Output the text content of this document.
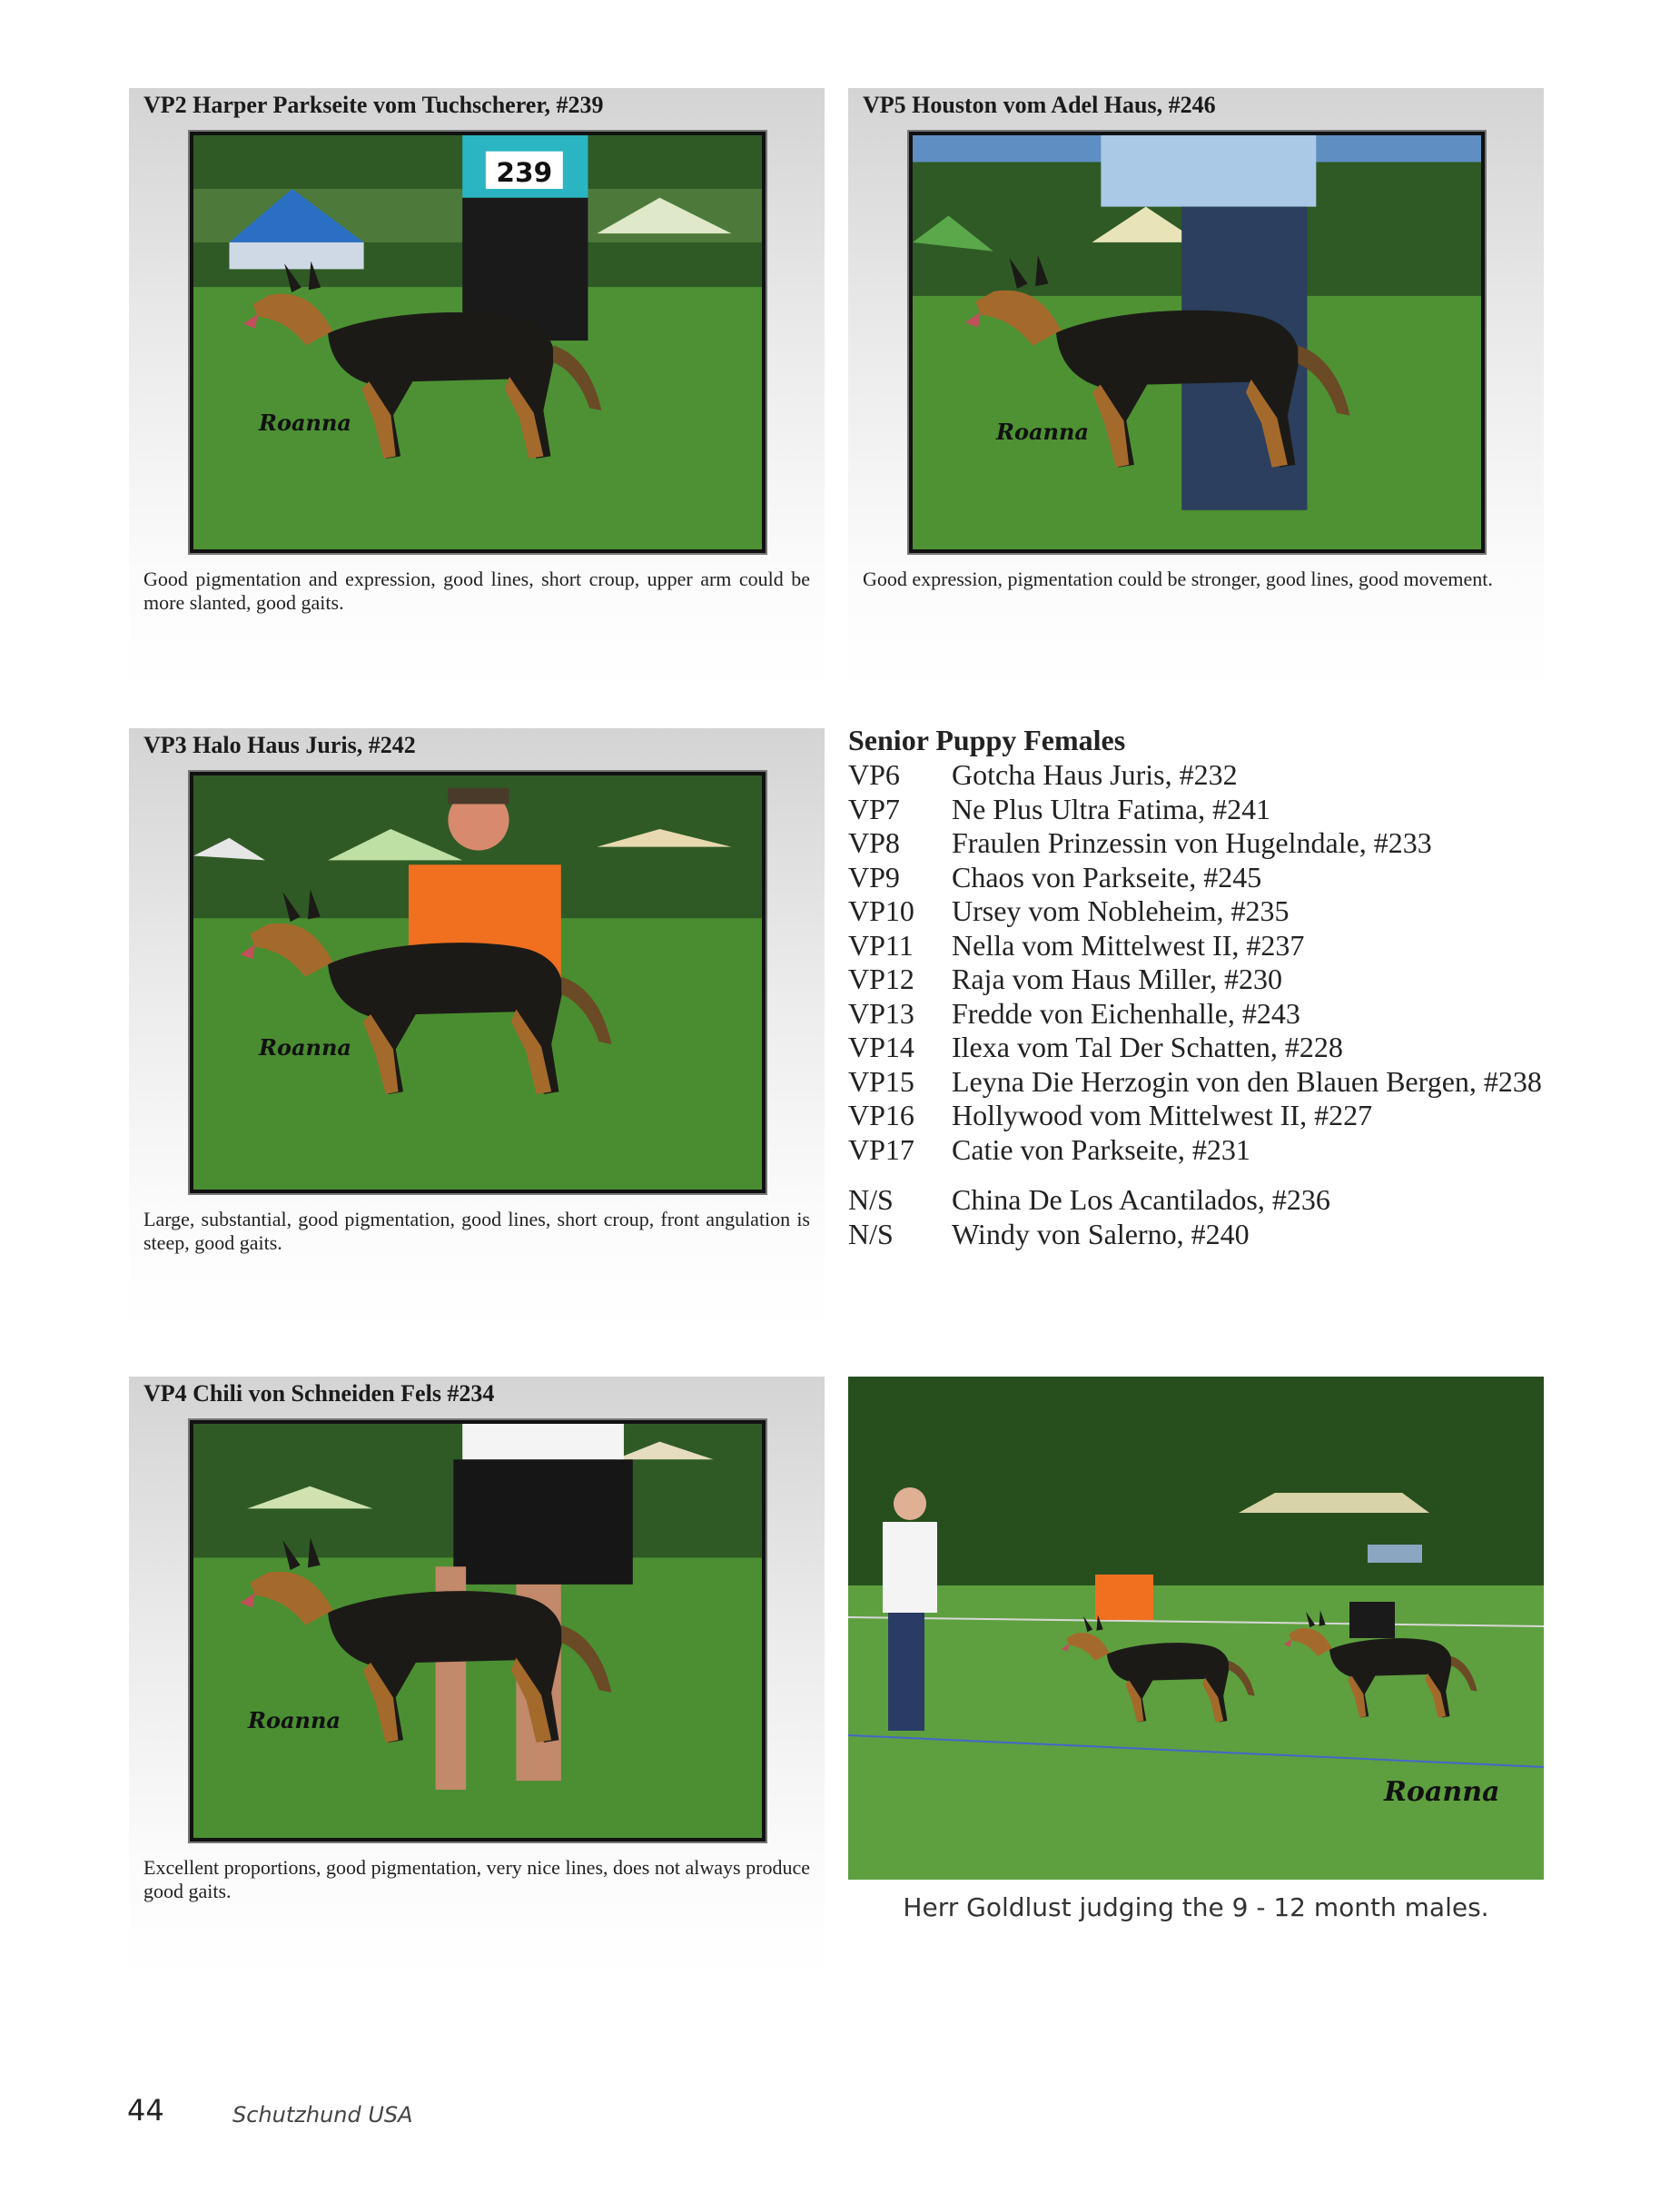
VP2 Harper Parkseite vom Tuchscherer, #239
239
Roanna
Good pigmentation and expression, good lines, short croup, upper arm could be more slanted, good gaits.
VP5 Houston vom Adel Haus, #246
Roanna
Good expression, pigmentation could be stronger, good lines, good movement.
VP3 Halo Haus Juris, #242
Roanna
Large, substantial, good pigmentation, good lines, short croup, front angulation is steep, good gaits.
VP4 Chili von Schneiden Fels #234
Roanna
Excellent proportions, good pigmentation, very nice lines, does not always produce good gaits.
Senior Puppy Females
VP6	Gotcha Haus Juris, #232
VP7	Ne Plus Ultra Fatima, #241
VP8	Fraulen Prinzessin von Hugelndale, #233
VP9	Chaos von Parkseite, #245
VP10	Ursey vom Nobleheim, #235
VP11	Nella vom Mittelwest II, #237
VP12	Raja vom Haus Miller, #230
VP13	Fredde von Eichenhalle, #243
VP14	Ilexa vom Tal Der Schatten, #228
VP15	Leyna Die Herzogin von den Blauen Bergen, #238
VP16	Hollywood vom Mittelwest II, #227
VP17	Catie von Parkseite, #231
N/S	China De Los Acantilados, #236
N/S	Windy von Salerno, #240
Roanna
Herr Goldlust judging the 9 - 12 month males.
44	Schutzhund USA
